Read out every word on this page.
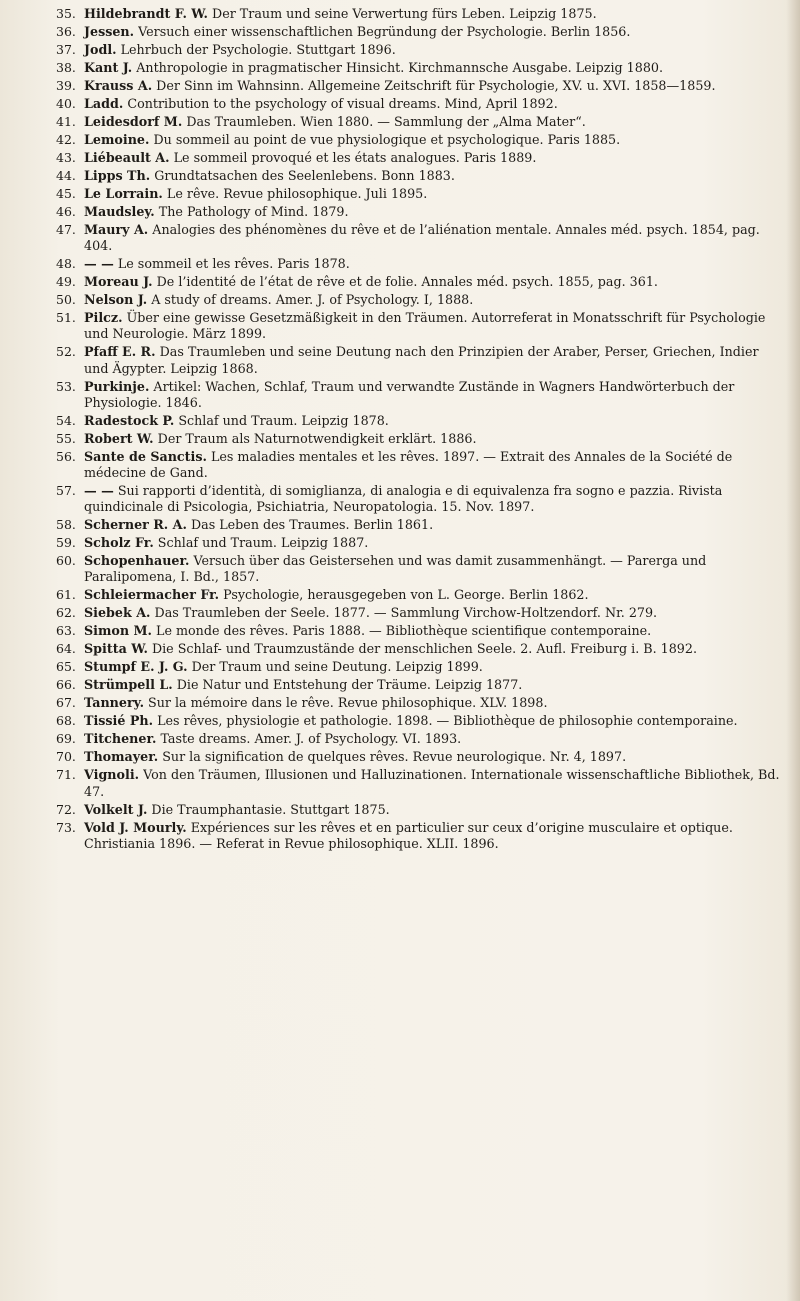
35. Hildebrandt F. W. Der Traum und seine Verwertung fürs Leben. Leipzig 1875.
36. Jessen. Versuch einer wissenschaftlichen Begründung der Psychologie. Berlin 1856.
37. Jodl. Lehrbuch der Psychologie. Stuttgart 1896.
38. Kant J. Anthropologie in pragmatischer Hinsicht. Kirchmannsche Ausgabe. Leipzig 1880.
39. Krauss A. Der Sinn im Wahnsinn. Allgemeine Zeitschrift für Psychologie, XV. u. XVI. 1858—1859.
40. Ladd. Contribution to the psychology of visual dreams. Mind, April 1892.
41. Leidesdorf M. Das Traumleben. Wien 1880. — Sammlung der „Alma Mater“.
42. Lemoine. Du sommeil au point de vue physiologique et psychologique. Paris 1885.
43. Liébeault A. Le sommeil provoqué et les états analogues. Paris 1889.
44. Lipps Th. Grundtatsachen des Seelenlebens. Bonn 1883.
45. Le Lorrain. Le rêve. Revue philosophique. Juli 1895.
46. Maudsley. The Pathology of Mind. 1879.
47. Maury A. Analogies des phénomènes du rêve et de l’aliénation mentale. Annales méd. psych. 1854, pag. 404.
48. — — Le sommeil et les rêves. Paris 1878.
49. Moreau J. De l’identité de l’état de rêve et de folie. Annales méd. psych. 1855, pag. 361.
50. Nelson J. A study of dreams. Amer. J. of Psychology. I, 1888.
51. Pilcz. Über eine gewisse Gesetzmäßigkeit in den Träumen. Autorreferat in Monatsschrift für Psychologie und Neurologie. März 1899.
52. Pfaff E. R. Das Traumleben und seine Deutung nach den Prinzipien der Araber, Perser, Griechen, Indier und Ägypter. Leipzig 1868.
53. Purkinje. Artikel: Wachen, Schlaf, Traum und verwandte Zustände in Wagners Handwörterbuch der Physiologie. 1846.
54. Radestock P. Schlaf und Traum. Leipzig 1878.
55. Robert W. Der Traum als Naturnotwendigkeit erklärt. 1886.
56. Sante de Sanctis. Les maladies mentales et les rêves. 1897. — Extrait des Annales de la Société de médecine de Gand.
57. — — Sui rapporti d’identità, di somiglianza, di analogia e di equivalenza fra sogno e pazzia. Rivista quindicinale di Psicologia, Psichiatria, Neuropatologia. 15. Nov. 1897.
58. Scherner R. A. Das Leben des Traumes. Berlin 1861.
59. Scholz Fr. Schlaf und Traum. Leipzig 1887.
60. Schopenhauer. Versuch über das Geistersehen und was damit zusammenhängt. — Parerga und Paralipomena, I. Bd., 1857.
61. Schleiermacher Fr. Psychologie, herausgegeben von L. George. Berlin 1862.
62. Siebek A. Das Traumleben der Seele. 1877. — Sammlung Virchow-Holtzendorf. Nr. 279.
63. Simon M. Le monde des rêves. Paris 1888. — Bibliothèque scientifique contemporaine.
64. Spitta W. Die Schlaf- und Traumzustände der menschlichen Seele. 2. Aufl. Freiburg i. B. 1892.
65. Stumpf E. J. G. Der Traum und seine Deutung. Leipzig 1899.
66. Strümpell L. Die Natur und Entstehung der Träume. Leipzig 1877.
67. Tannery. Sur la mémoire dans le rêve. Revue philosophique. XLV. 1898.
68. Tissié Ph. Les rêves, physiologie et pathologie. 1898. — Bibliothèque de philosophie contemporaine.
69. Titchener. Taste dreams. Amer. J. of Psychology. VI. 1893.
70. Thomayer. Sur la signification de quelques rêves. Revue neurologique. Nr. 4, 1897.
71. Vignoli. Von den Träumen, Illusionen und Halluzinationen. Internationale wissenschaftliche Bibliothek, Bd. 47.
72. Volkelt J. Die Traumphantasie. Stuttgart 1875.
73. Vold J. Mourly. Expériences sur les rêves et en particulier sur ceux d’origine musculaire et optique. Christiania 1896. — Referat in Revue philosophique. XLII. 1896.
